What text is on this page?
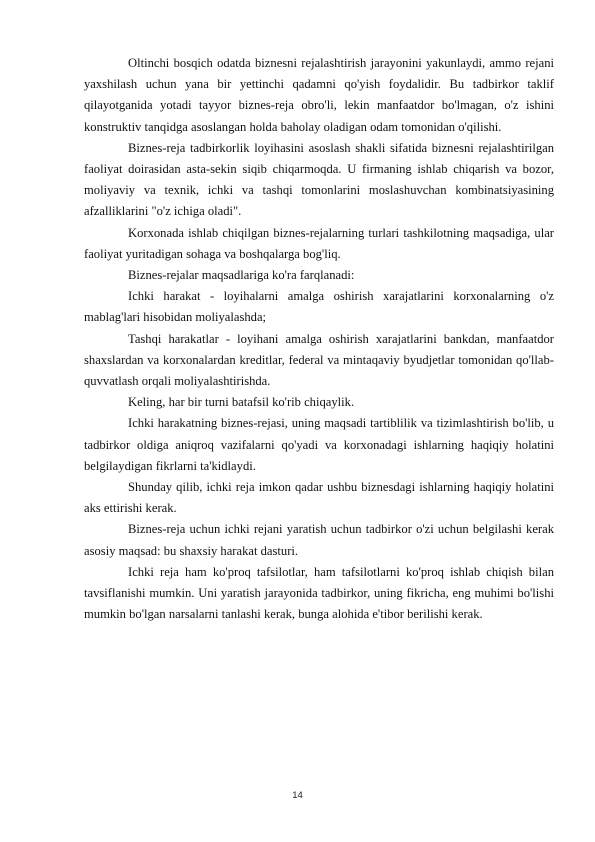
Oltinchi bosqich odatda biznesni rejalashtirish jarayonini yakunlaydi, ammo rejani yaxshilash uchun yana bir yettinchi qadamni qo'yish foydalidir. Bu tadbirkor taklif qilayotganida yotadi tayyor biznes-reja obro'li, lekin manfaatdor bo'lmagan, o'z ishini konstruktiv tanqidga asoslangan holda baholay oladigan odam tomonidan o'qilishi.

Biznes-reja tadbirkorlik loyihasini asoslash shakli sifatida biznesni rejalashtirilgan faoliyat doirasidan asta-sekin siqib chiqarmoqda. U firmaning ishlab chiqarish va bozor, moliyaviy va texnik, ichki va tashqi tomonlarini moslashuvchan kombinatsiyasining afzalliklarini "o'z ichiga oladi".

Korxonada ishlab chiqilgan biznes-rejalarning turlari tashkilotning maqsadiga, ular faoliyat yuritadigan sohaga va boshqalarga bog'liq.

Biznes-rejalar maqsadlariga ko'ra farqlanadi:

Ichki harakat - loyihalarni amalga oshirish xarajatlarini korxonalarning o'z mablag'lari hisobidan moliyalashda;

Tashqi harakatlar - loyihani amalga oshirish xarajatlarini bankdan, manfaatdor shaxslardan va korxonalardan kreditlar, federal va mintaqaviy byudjetlar tomonidan qo'llab-quvvatlash orqali moliyalashtirishda.

Keling, har bir turni batafsil ko'rib chiqaylik.

Ichki harakatning biznes-rejasi, uning maqsadi tartiblilik va tizimlashtirish bo'lib, u tadbirkor oldiga aniqroq vazifalarni qo'yadi va korxonadagi ishlarning haqiqiy holatini belgilaydigan fikrlarni ta'kidlaydi.

Shunday qilib, ichki reja imkon qadar ushbu biznesdagi ishlarning haqiqiy holatini aks ettirishi kerak.

Biznes-reja uchun ichki rejani yaratish uchun tadbirkor o'zi uchun belgilashi kerak asosiy maqsad: bu shaxsiy harakat dasturi.

Ichki reja ham ko'proq tafsilotlar, ham tafsilotlarni ko'proq ishlab chiqish bilan tavsiflanishi mumkin. Uni yaratish jarayonida tadbirkor, uning fikricha, eng muhimi bo'lishi mumkin bo'lgan narsalarni tanlashi kerak, bunga alohida e'tibor berilishi kerak.

14
